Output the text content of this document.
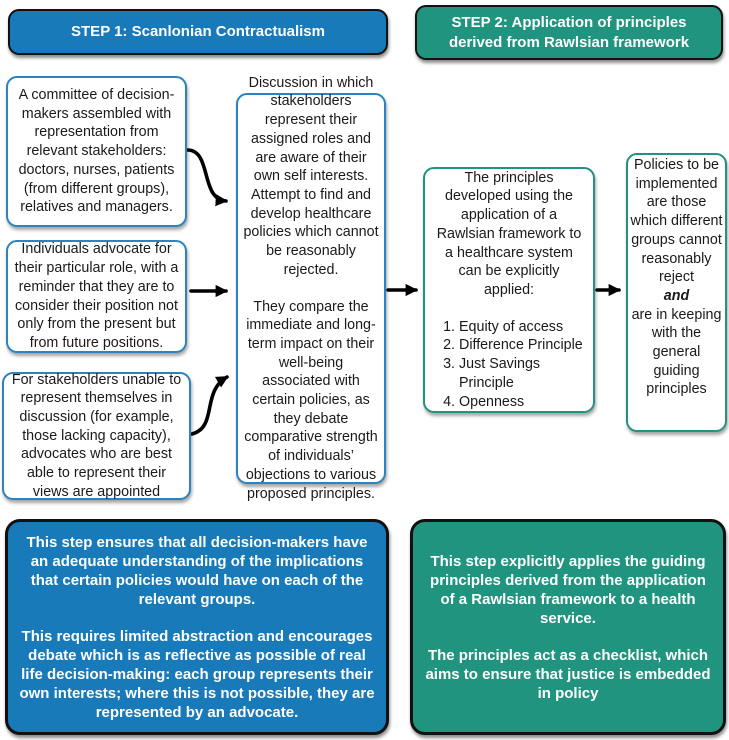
STEP 1: Scanlonian Contractualism
STEP 2: Application of principles derived from Rawlsian framework
A committee of decision-makers assembled with representation from relevant stakeholders: doctors, nurses, patients (from different groups), relatives and managers.
Individuals advocate for their particular role, with a reminder that they are to consider their position not only from the present but from future positions.
For stakeholders unable to represent themselves in discussion (for example, those lacking capacity), advocates who are best able to represent their views are appointed
Discussion in which stakeholders represent their assigned roles and are aware of their own self interests. Attempt to find and develop healthcare policies which cannot be reasonably rejected.
They compare the immediate and long-term impact on their well-being associated with certain policies, as they debate comparative strength of individuals’ objections to various proposed principles.
The principles developed using the application of a Rawlsian framework to a healthcare system can be explicitly applied:
1. Equity of access
2. Difference Principle
3. Just Savings Principle
4. Openness
Policies to be implemented are those which different groups cannot reasonably reject
and
are in keeping with the general guiding principles
This step ensures that all decision-makers have an adequate understanding of the implications that certain policies would have on each of the relevant groups.
This requires limited abstraction and encourages debate which is as reflective as possible of real life decision-making: each group represents their own interests; where this is not possible, they are represented by an advocate.
This step explicitly applies the guiding principles derived from the application of a Rawlsian framework to a health service.
The principles act as a checklist, which aims to ensure that justice is embedded in policy
